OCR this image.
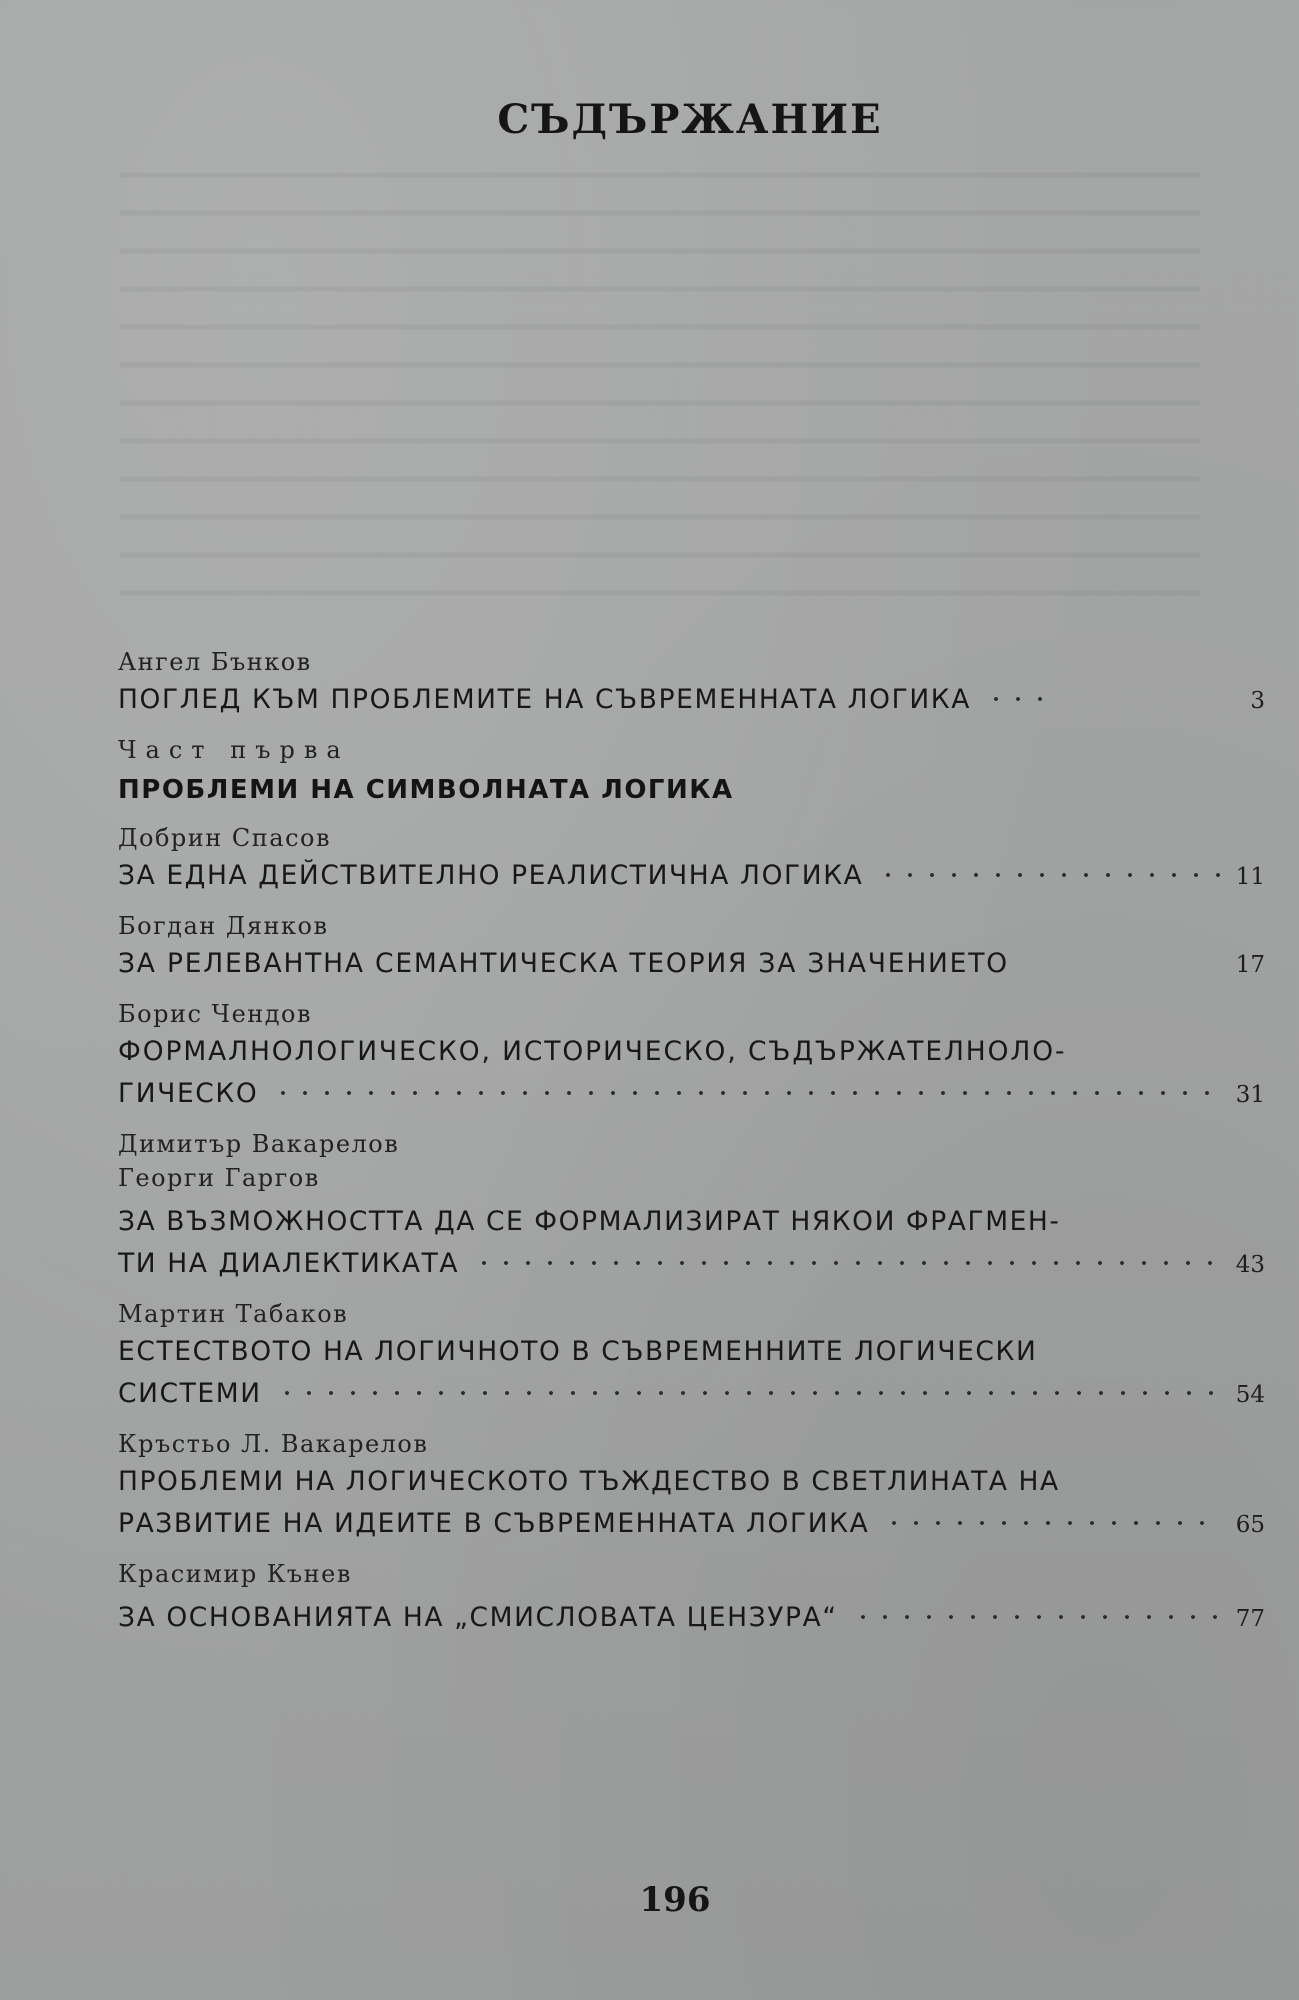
СЪДЪРЖАНИЕ
Ангел Бънков
ПОГЛЕД КЪМ ПРОБЛЕМИТЕ НА СЪВРЕМЕННАТА ЛОГИКА	3
Част първа
ПРОБЛЕМИ НА СИМВОЛНАТА ЛОГИКА
Добрин Спасов
ЗА ЕДНА ДЕЙСТВИТЕЛНО РЕАЛИСТИЧНА ЛОГИКА	11
Богдан Дянков
ЗА РЕЛЕВАНТНА СЕМАНТИЧЕСКА ТЕОРИЯ ЗА ЗНАЧЕНИЕТО	17
Борис Чендов
ФОРМАЛНОЛОГИЧЕСКО, ИСТОРИЧЕСКО, СЪДЪРЖАТЕЛНОЛО-
ГИЧЕСКО	31
Димитър Вакарелов
Георги Гаргов
ЗА ВЪЗМОЖНОСТТА ДА СЕ ФОРМАЛИЗИРАТ НЯКОИ ФРАГМЕН-
ТИ НА ДИАЛЕКТИКАТА	43
Мартин Табаков
ЕСТЕСТВОТО НА ЛОГИЧНОТО В СЪВРЕМЕННИТЕ ЛОГИЧЕСКИ
СИСТЕМИ	54
Кръстьо Л. Вакарелов
ПРОБЛЕМИ НА ЛОГИЧЕСКОТО ТЪЖДЕСТВО В СВЕТЛИНАТА НА
РАЗВИТИЕ НА ИДЕИТЕ В СЪВРЕМЕННАТА ЛОГИКА	65
Красимир Кънев
ЗА ОСНОВАНИЯТА НА „СМИСЛОВАТА ЦЕНЗУРА“	77
196
